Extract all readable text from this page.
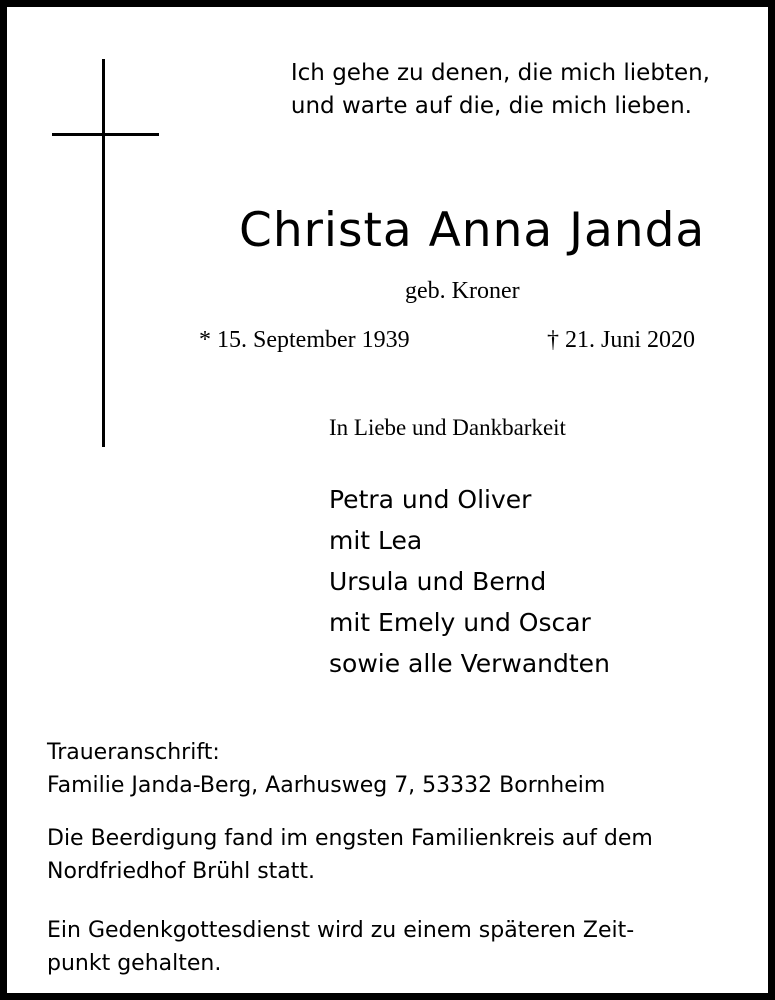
Ich gehe zu denen, die mich liebten,
und warte auf die, die mich lieben.
Christa Anna Janda
geb. Kroner
* 15. September 1939	† 21. Juni 2020
In Liebe und Dankbarkeit
Petra und Oliver
mit Lea
Ursula und Bernd
mit Emely und Oscar
sowie alle Verwandten
Traueranschrift:
Familie Janda-Berg, Aarhusweg 7, 53332 Bornheim
Die Beerdigung fand im engsten Familienkreis auf dem
Nordfriedhof Brühl statt.
Ein Gedenkgottesdienst wird zu einem späteren Zeit-
punkt gehalten.
